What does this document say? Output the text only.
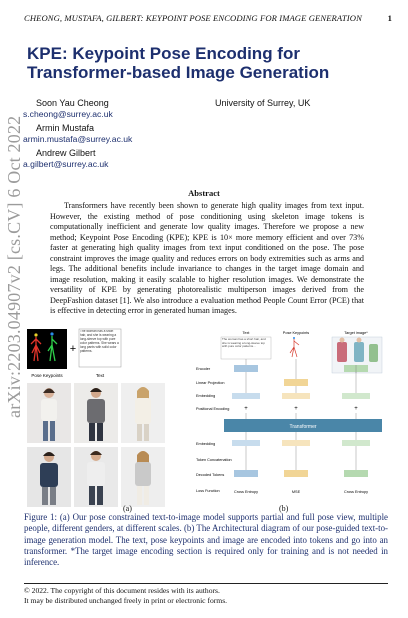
CHEONG, MUSTAFA, GILBERT: KEYPOINT POSE ENCODING FOR IMAGE GENERATION	1
arXiv:2203.04907v2 [cs.CV] 6 Oct 2022
KPE: Keypoint Pose Encoding for
Transformer-based Image Generation
Soon Yau Cheong
s.cheong@surrey.ac.uk
Armin Mustafa
armin.mustafa@surrey.ac.uk
Andrew Gilbert
a.gilbert@surrey.ac.uk
University of Surrey, UK
Abstract
Transformers have recently been shown to generate high quality images from text input. However, the existing method of pose conditioning using skeleton image tokens is computationally inefficient and generate low quality images. Therefore we propose a new method; Keypoint Pose Encoding (KPE); KPE is 10× more memory efficient and over 73% faster at generating high quality images from text input conditioned on the pose. The pose constraint improves the image quality and reduces errors on body extremities such as arms and legs. The additional benefits include invariance to changes in the target image domain and image resolution, making it easily scalable to higher resolution images. We demonstrate the versatility of KPE by generating photorealistic multiperson images derived from the DeepFashion dataset [1]. We also introduce a evaluation method People Count Error (PCE) that is effective in detecting error in generated human images.
Pose Keypoints
+
The woman has a short hair, and she is wearing a long-sleeve top with pure color patterns. She wears a long pants with solid color patterns.
Text
Text	Pose Keypoints	Target image*
The woman has a short hair, and she is wearing a long-sleeve top with pure color patterns...
Encoder
Linear Projection
Embedding
Positional Encoding +	+	+
Transformer
Embedding
Token Concatenation
Decoded Tokens
Loss Function	Cross Entropy	MSE	Cross Entropy
(a)	(b)
Figure 1: (a) Our pose constrained text-to-image model supports partial and full pose view, multiple people, different genders, at different scales. (b) The Architectural diagram of our pose-guided text-to-image generation model. The text, pose keypoints and image are encoded into tokens and go into an transformer. *The target image encoding section is required only for training and is not needed in inference.
© 2022. The copyright of this document resides with its authors.
It may be distributed unchanged freely in print or electronic forms.
